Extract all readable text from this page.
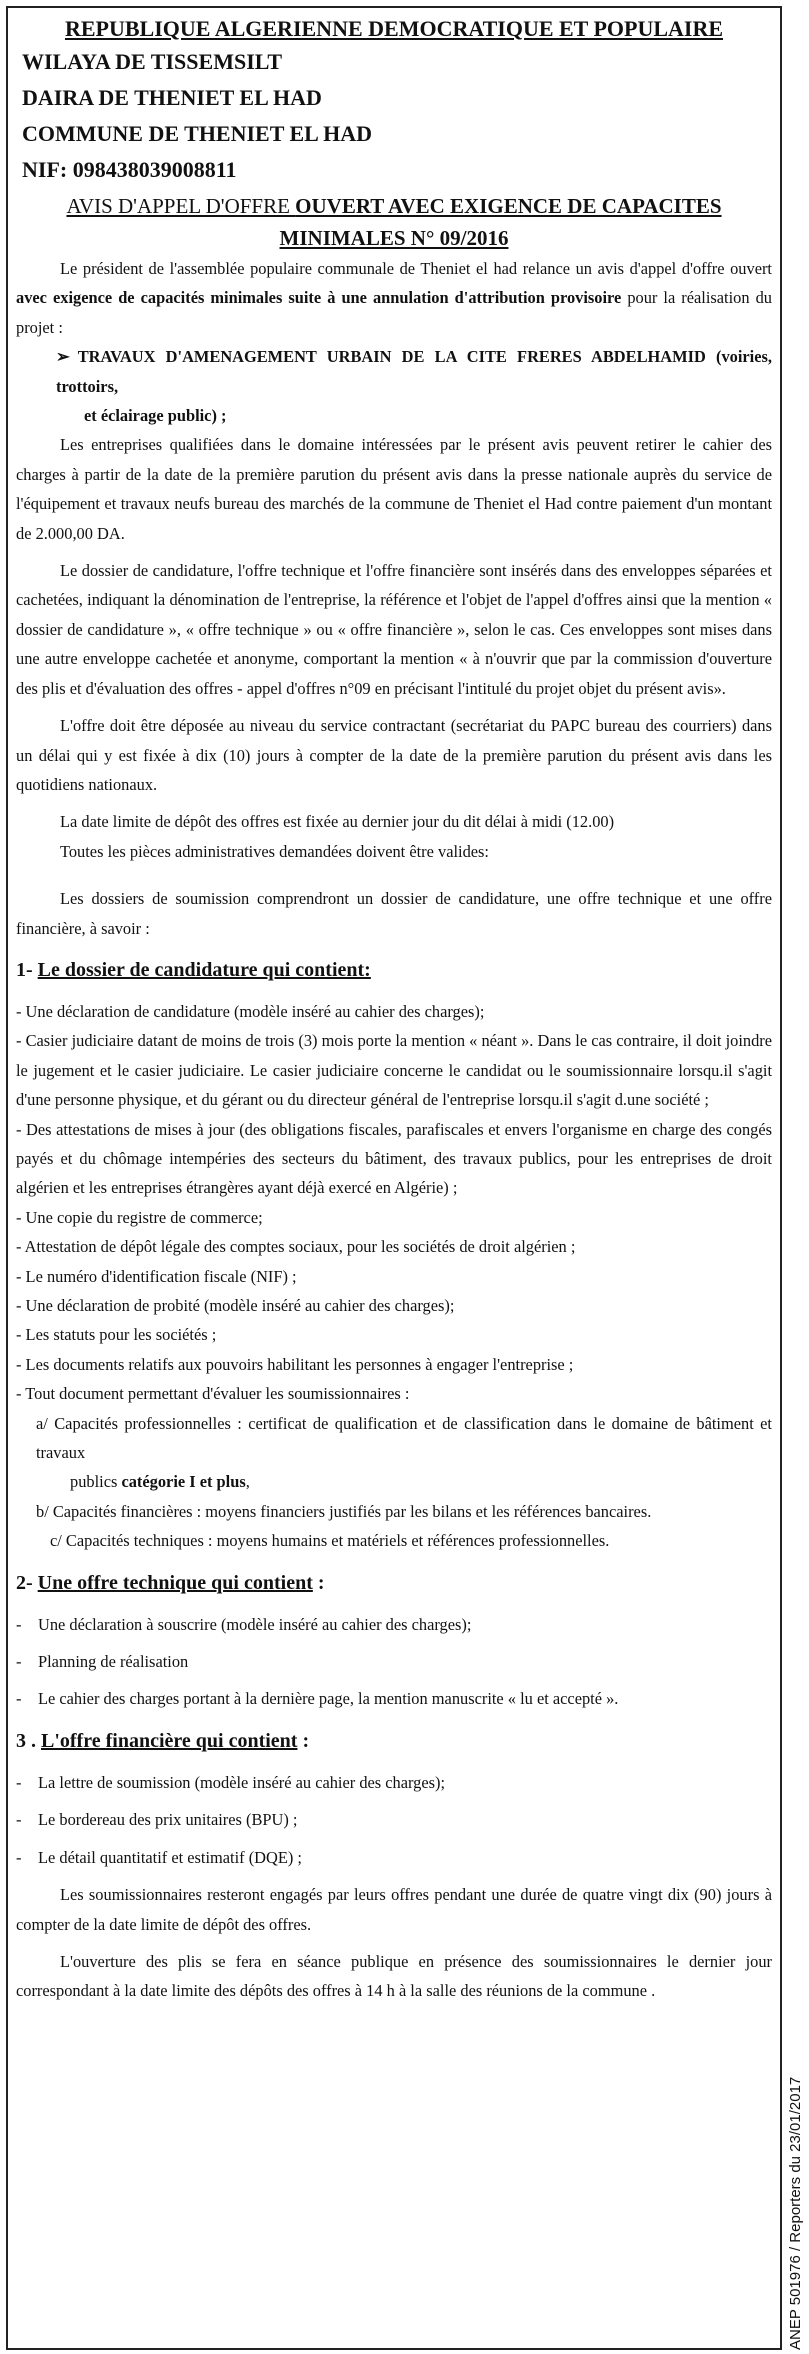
REPUBLIQUE ALGERIENNE DEMOCRATIQUE ET POPULAIRE
WILAYA DE TISSEMSILT
DAIRA DE THENIET EL HAD
COMMUNE DE THENIET EL HAD
NIF: 098438039008811
AVIS D'APPEL D'OFFRE OUVERT AVEC EXIGENCE DE CAPACITES MINIMALES N° 09/2016

Le président de l'assemblée populaire communale de Theniet el had relance un avis d'appel d'offre ouvert avec exigence de capacités minimales suite à une annulation d'attribution provisoire pour la réalisation du projet :

➢ TRAVAUX D'AMENAGEMENT URBAIN DE LA CITE FRERES ABDELHAMID (voiries, trottoirs,
et éclairage public) ;

Les entreprises qualifiées dans le domaine intéressées par le présent avis peuvent retirer le cahier des charges à partir de la date de la première parution du présent avis dans la presse nationale auprès du service de l'équipement et travaux neufs bureau des marchés de la commune de Theniet el Had contre paiement d'un montant de 2.000,00 DA.

Le dossier de candidature, l'offre technique et l'offre financière sont insérés dans des enveloppes séparées et cachetées, indiquant la dénomination de l'entreprise, la référence et l'objet de l'appel d'offres ainsi que la mention « dossier de candidature », « offre technique » ou « offre financière », selon le cas. Ces enveloppes sont mises dans une autre enveloppe cachetée et anonyme, comportant la mention « à n'ouvrir que par la commission d'ouverture des plis et d'évaluation des offres - appel d'offres n°09 en précisant l'intitulé du projet objet du présent avis».

L'offre doit être déposée au niveau du service contractant (secrétariat du PAPC bureau des courriers) dans un délai qui y est fixée à dix (10) jours à compter de la date de la première parution du présent avis dans les quotidiens nationaux.

La date limite de dépôt des offres est fixée au dernier jour du dit délai à midi (12.00)

Toutes les pièces administratives demandées doivent être valides:

Les dossiers de soumission comprendront un dossier de candidature, une offre technique et une offre financière, à savoir :

1- Le dossier de candidature qui contient:

- Une déclaration de candidature (modèle inséré au cahier des charges);

- Casier judiciaire datant de moins de trois (3) mois porte la mention « néant ». Dans le cas contraire, il doit joindre le jugement et le casier judiciaire. Le casier judiciaire concerne le candidat ou le soumissionnaire lorsqu.il s'agit d'une personne physique, et du gérant ou du directeur général de l'entreprise lorsqu.il s'agit d.une société ;

- Des attestations de mises à jour (des obligations fiscales, parafiscales et envers l'organisme en charge des congés payés et du chômage intempéries des secteurs du bâtiment, des travaux publics, pour les entreprises de droit algérien et les entreprises étrangères ayant déjà exercé en Algérie) ;

- Une copie du registre de commerce;

- Attestation de dépôt légale des comptes sociaux, pour les sociétés de droit algérien ;

- Le numéro d'identification fiscale (NIF) ;

- Une déclaration de probité (modèle inséré au cahier des charges);

- Les statuts pour les sociétés ;

- Les documents relatifs aux pouvoirs habilitant les personnes à engager l'entreprise ;

- Tout document permettant d'évaluer les soumissionnaires :

a/ Capacités professionnelles : certificat de qualification et de classification dans le domaine de bâtiment et travaux
publics catégorie I et plus,

b/ Capacités financières : moyens financiers justifiés par les bilans et les références bancaires.

c/ Capacités techniques : moyens humains et matériels et références professionnelles.

2- Une offre technique qui contient :

-	Une déclaration à souscrire (modèle inséré au cahier des charges);

-	Planning de réalisation

-	Le cahier des charges portant à la dernière page, la mention manuscrite « lu et accepté ».

3 . L'offre financière qui contient :

-	La lettre de soumission (modèle inséré au cahier des charges);

-	Le bordereau des prix unitaires (BPU) ;

-	Le détail quantitatif et estimatif (DQE) ;

Les soumissionnaires resteront engagés par leurs offres pendant une durée de quatre vingt dix (90) jours à compter de la date limite de dépôt des offres.

L'ouverture des plis se fera en séance publique en présence des soumissionnaires le dernier jour correspondant à la date limite des dépôts des offres à 14 h à la salle des réunions de la commune .

ANEP 501976 / Reporters du 23/01/2017
